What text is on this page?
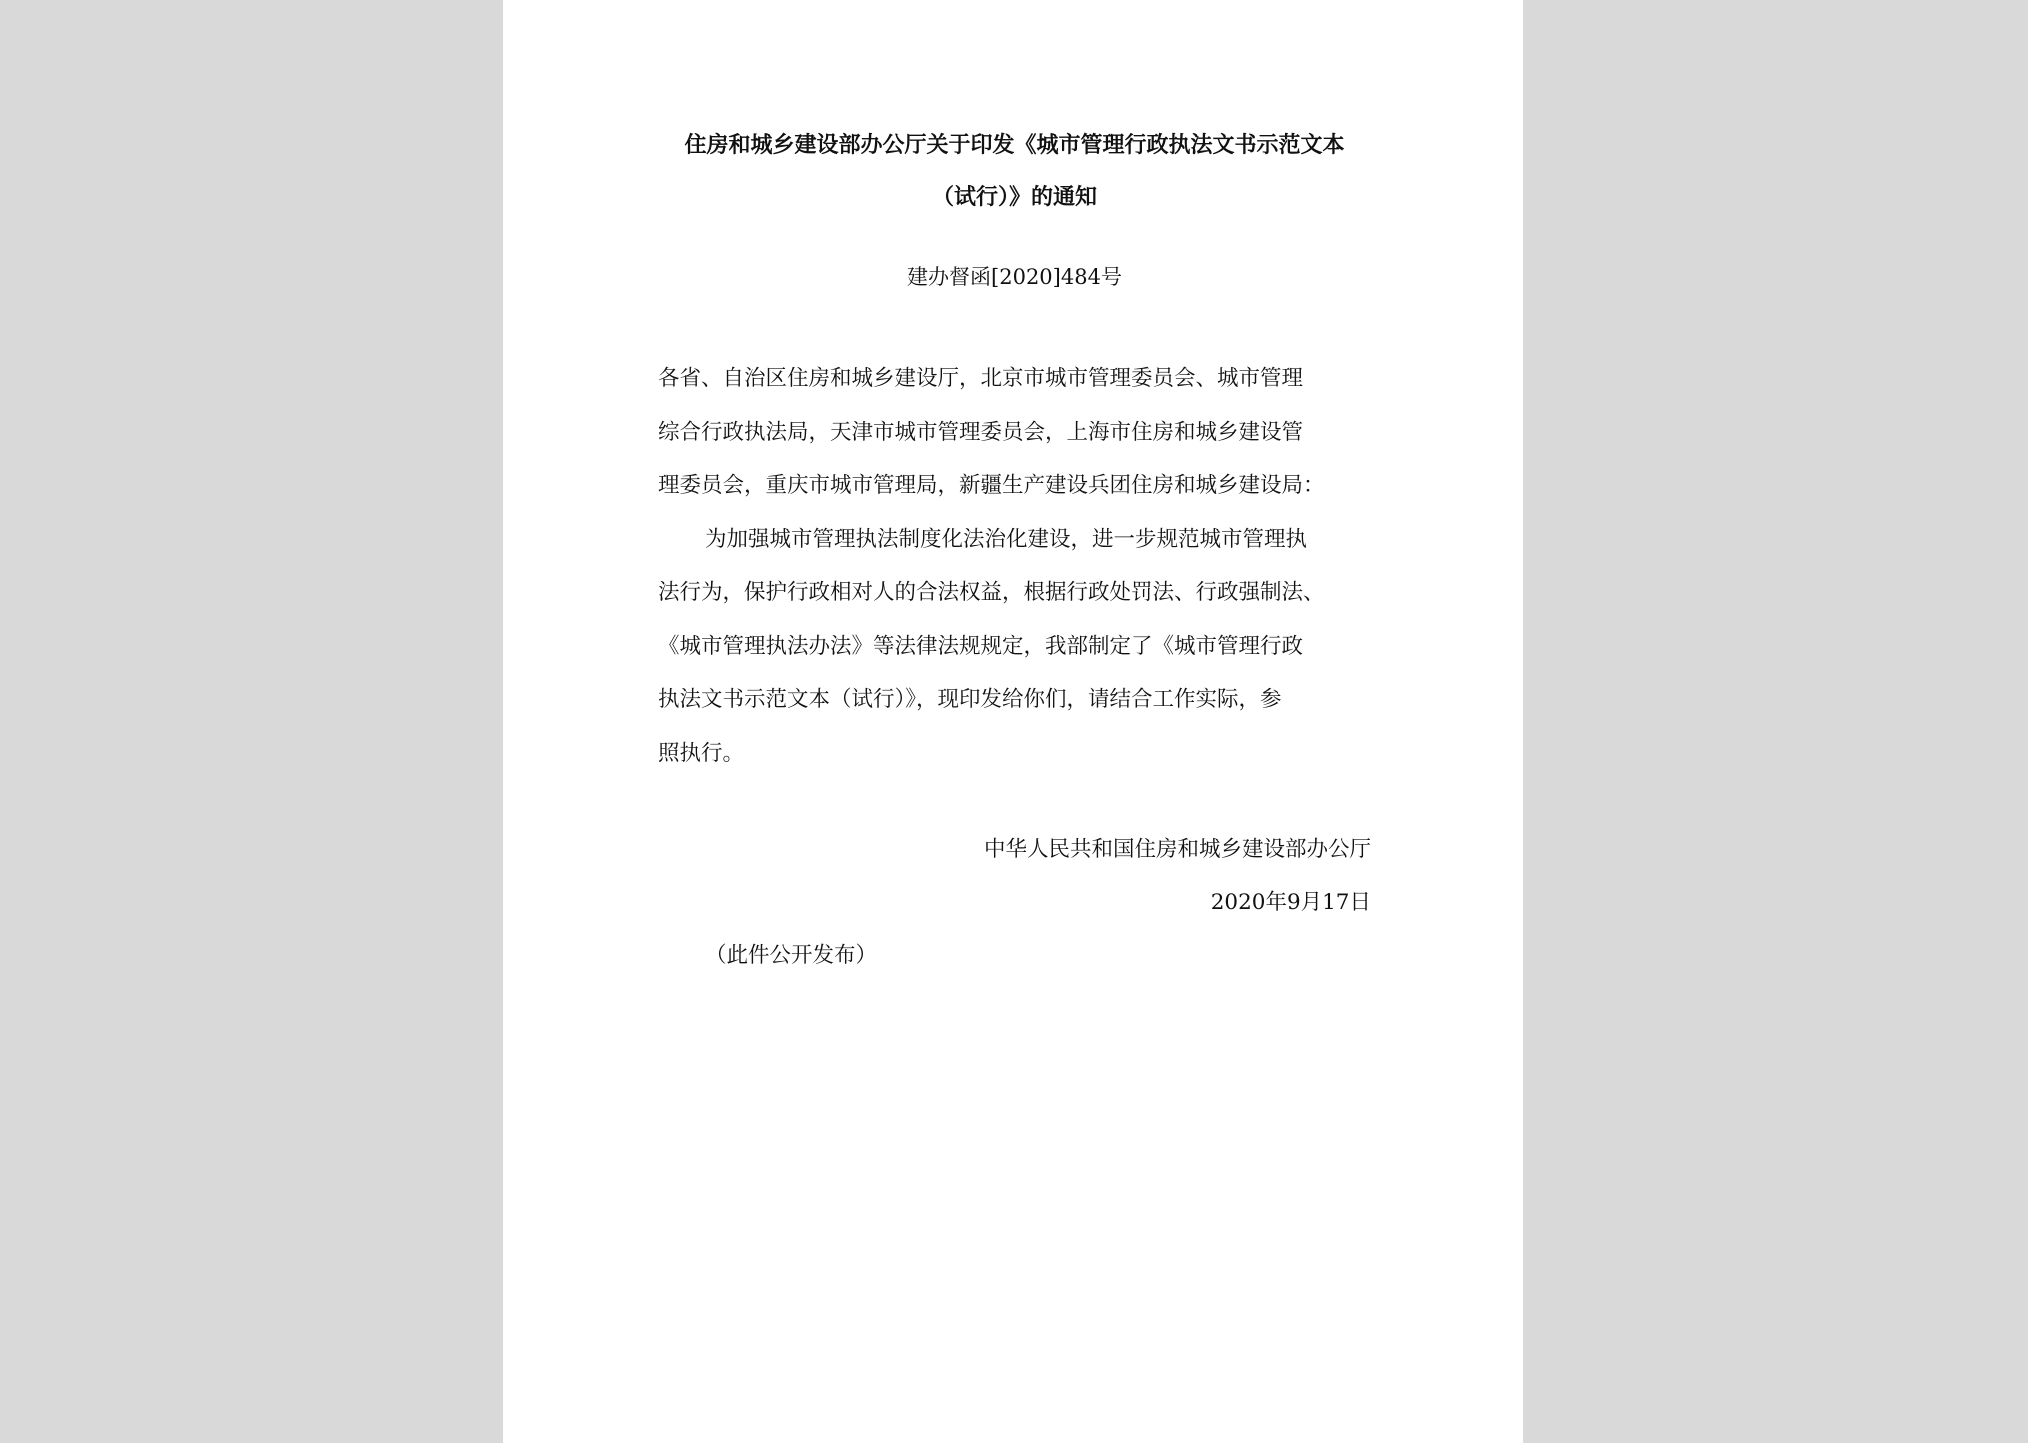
住房和城乡建设部办公厅关于印发《城市管理行政执法文书示范文本
（试行）》的通知
建办督函[2020]484号
各省、自治区住房和城乡建设厅，北京市城市管理委员会、城市管理
综合行政执法局，天津市城市管理委员会，上海市住房和城乡建设管
理委员会，重庆市城市管理局，新疆生产建设兵团住房和城乡建设局：
为加强城市管理执法制度化法治化建设，进一步规范城市管理执
法行为，保护行政相对人的合法权益，根据行政处罚法、行政强制法、
《城市管理执法办法》等法律法规规定，我部制定了《城市管理行政
执法文书示范文本（试行）》，现印发给你们，请结合工作实际，参
照执行。
中华人民共和国住房和城乡建设部办公厅
2020年9月17日
（此件公开发布）
